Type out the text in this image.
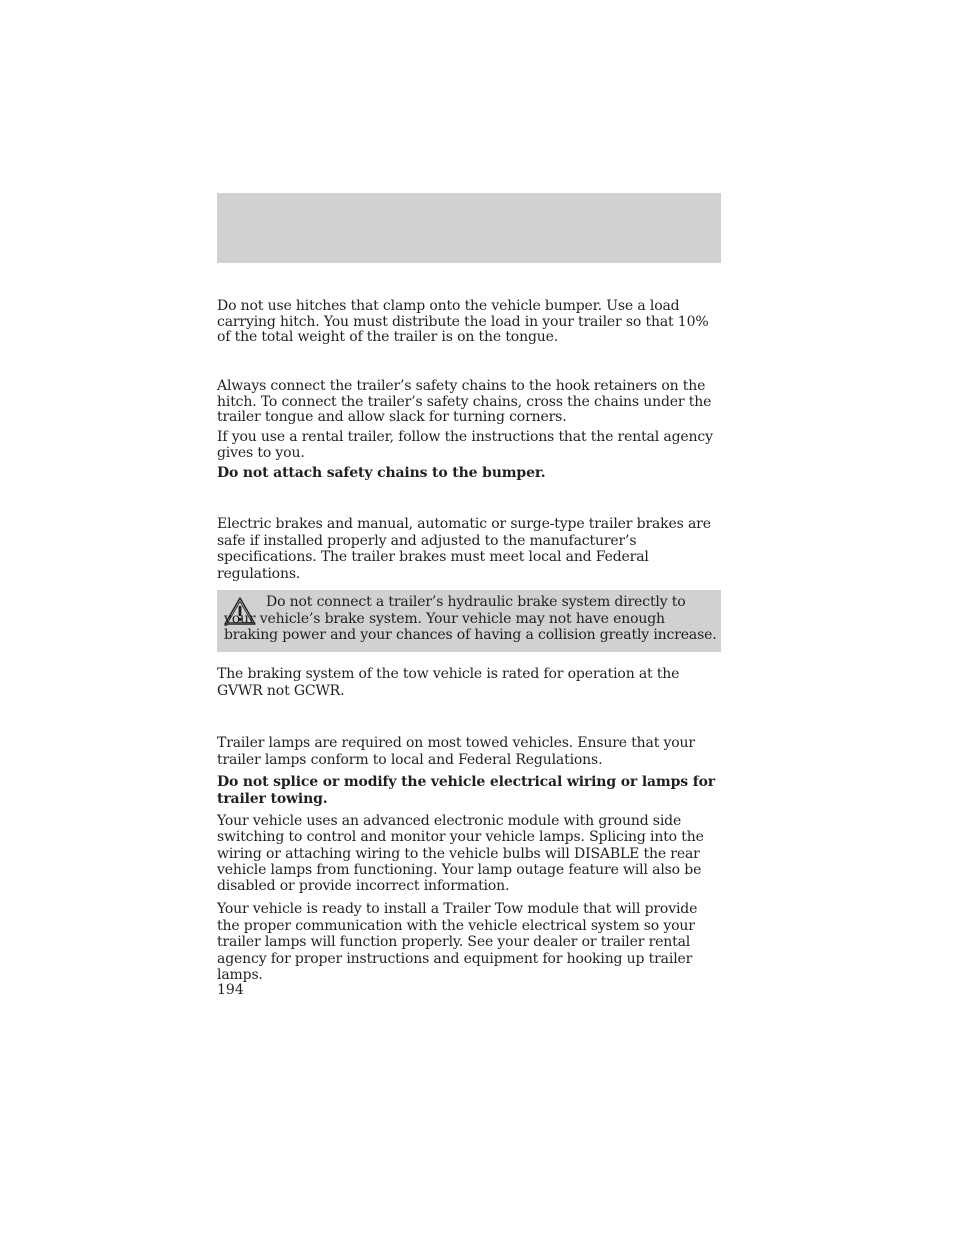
Do not use hitches that clamp onto the vehicle bumper. Use a load carrying hitch. You must distribute the load in your trailer so that 10% of the total weight of the trailer is on the tongue.

Always connect the trailer’s safety chains to the hook retainers on the hitch. To connect the trailer’s safety chains, cross the chains under the trailer tongue and allow slack for turning corners.

If you use a rental trailer, follow the instructions that the rental agency gives to you.

Do not attach safety chains to the bumper.

Electric brakes and manual, automatic or surge-type trailer brakes are safe if installed properly and adjusted to the manufacturer’s specifications. The trailer brakes must meet local and Federal regulations.

Do not connect a trailer’s hydraulic brake system directly to your vehicle’s brake system. Your vehicle may not have enough braking power and your chances of having a collision greatly increase.

The braking system of the tow vehicle is rated for operation at the GVWR not GCWR.

Trailer lamps are required on most towed vehicles. Ensure that your trailer lamps conform to local and Federal Regulations.

Do not splice or modify the vehicle electrical wiring or lamps for trailer towing.

Your vehicle uses an advanced electronic module with ground side switching to control and monitor your vehicle lamps. Splicing into the wiring or attaching wiring to the vehicle bulbs will DISABLE the rear vehicle lamps from functioning. Your lamp outage feature will also be disabled or provide incorrect information.

Your vehicle is ready to install a Trailer Tow module that will provide the proper communication with the vehicle electrical system so your trailer lamps will function properly. See your dealer or trailer rental agency for proper instructions and equipment for hooking up trailer lamps.

194
